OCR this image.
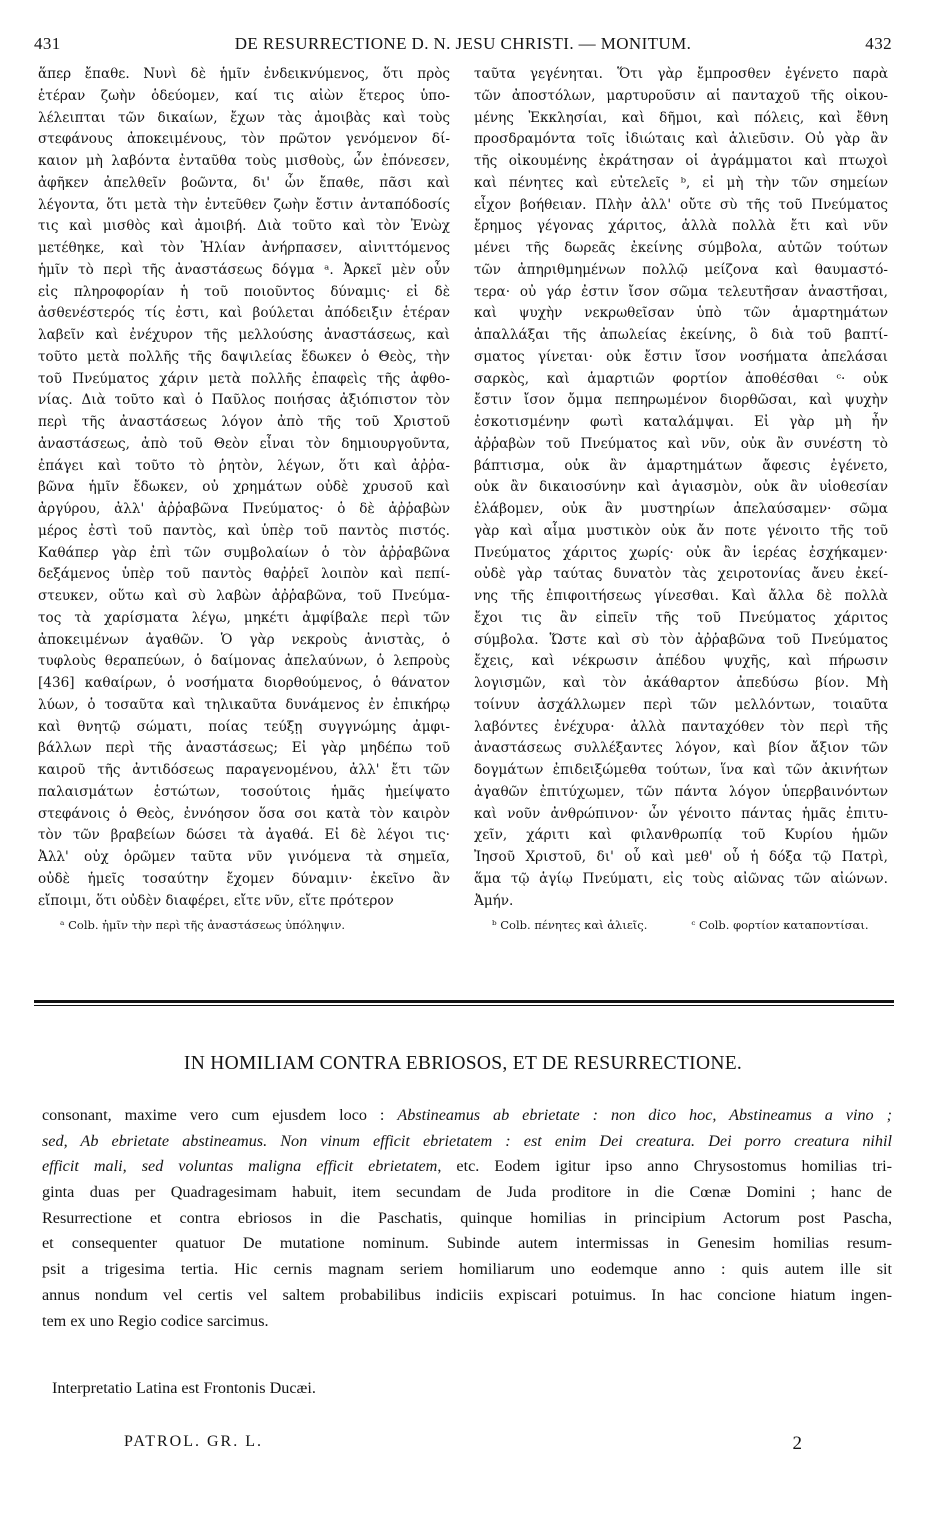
431	DE RESURRECTIONE D. N. JESU CHRISTI. — MONITUM.	432
ἅπερ ἔπαθε. Νυνὶ δὲ ἡμῖν ἐνδεικνύμενος, ὅτι πρὸς
ἑτέραν ζωὴν ὁδεύομεν, καί τις αἰὼν ἕτερος ὑπο-
λέλειπται τῶν δικαίων, ἔχων τὰς ἀμοιβὰς καὶ τοὺς
στεφάνους ἀποκειμένους, τὸν πρῶτον γενόμενον δί-
καιον μὴ λαβόντα ἐνταῦθα τοὺς μισθοὺς, ὧν ἐπόνεσεν,
ἀφῆκεν ἀπελθεῖν βοῶντα, δι' ὧν ἔπαθε, πᾶσι καὶ
λέγοντα, ὅτι μετὰ τὴν ἐντεῦθεν ζωὴν ἔστιν ἀνταπόδοσίς
τις καὶ μισθὸς καὶ ἀμοιβή. Διὰ τοῦτο καὶ τὸν Ἐνὼχ
μετέθηκε, καὶ τὸν Ἠλίαν ἀνήρπασεν, αἰνιττόμενος
ἡμῖν τὸ περὶ τῆς ἀναστάσεως δόγμα ᵃ. Ἀρκεῖ μὲν οὖν
εἰς πληροφορίαν ἡ τοῦ ποιοῦντος δύναμις· εἰ δὲ
ἀσθενέστερός τίς ἐστι, καὶ βούλεται ἀπόδειξιν ἑτέραν
λαβεῖν καὶ ἐνέχυρον τῆς μελλούσης ἀναστάσεως, καὶ
τοῦτο μετὰ πολλῆς τῆς δαψιλείας ἔδωκεν ὁ Θεὸς, τὴν
τοῦ Πνεύματος χάριν μετὰ πολλῆς ἐπαφεὶς τῆς ἀφθο-
νίας. Διὰ τοῦτο καὶ ὁ Παῦλος ποιήσας ἀξιόπιστον τὸν
περὶ τῆς ἀναστάσεως λόγον ἀπὸ τῆς τοῦ Χριστοῦ
ἀναστάσεως, ἀπὸ τοῦ Θεὸν εἶναι τὸν δημιουργοῦντα,
ἐπάγει καὶ τοῦτο τὸ ῥητὸν, λέγων, ὅτι καὶ ἀῤῥα-
βῶνα ἡμῖν ἔδωκεν, οὐ χρημάτων οὐδὲ χρυσοῦ καὶ
ἀργύρου, ἀλλ' ἀῤῥαβῶνα Πνεύματος· ὁ δὲ ἀῤῥαβὼν
μέρος ἐστὶ τοῦ παντὸς, καὶ ὑπὲρ τοῦ παντὸς πιστός.
Καθάπερ γὰρ ἐπὶ τῶν συμβολαίων ὁ τὸν ἀῤῥαβῶνα
δεξάμενος ὑπὲρ τοῦ παντὸς θαῤῥεῖ λοιπὸν καὶ πεπί-
στευκεν, οὕτω καὶ σὺ λαβὼν ἀῤῥαβῶνα, τοῦ Πνεύμα-
τος τὰ χαρίσματα λέγω, μηκέτι ἀμφίβαλε περὶ τῶν
ἀποκειμένων ἀγαθῶν. Ὁ γὰρ νεκροὺς ἀνιστὰς, ὁ
τυφλοὺς θεραπεύων, ὁ δαίμονας ἀπελαύνων, ὁ λεπροὺς
[436] καθαίρων, ὁ νοσήματα διορθούμενος, ὁ θάνατον
λύων, ὁ τοσαῦτα καὶ τηλικαῦτα δυνάμενος ἐν ἐπικήρῳ
καὶ θνητῷ σώματι, ποίας τεύξῃ συγγνώμης ἀμφι-
βάλλων περὶ τῆς ἀναστάσεως; Εἰ γὰρ μηδέπω τοῦ
καιροῦ τῆς ἀντιδόσεως παραγενομένου, ἀλλ' ἔτι τῶν
παλαισμάτων ἑστώτων, τοσούτοις ἡμᾶς ἠμείψατο
στεφάνοις ὁ Θεὸς, ἐννόησον ὅσα σοι κατὰ τὸν καιρὸν
τὸν τῶν βραβείων δώσει τὰ ἀγαθά. Εἰ δὲ λέγοι τις·
Ἀλλ' οὐχ ὁρῶμεν ταῦτα νῦν γινόμενα τὰ σημεῖα,
οὐδὲ ἡμεῖς τοσαύτην ἔχομεν δύναμιν· ἐκεῖνο ἂν
εἴποιμι, ὅτι οὐδὲν διαφέρει, εἴτε νῦν, εἴτε πρότερον
ᵃ Colb. ἡμῖν τὴν περὶ τῆς ἀναστάσεως ὑπόληψιν.
ταῦτα γεγένηται. Ὅτι γὰρ ἔμπροσθεν ἐγένετο παρὰ
τῶν ἀποστόλων, μαρτυροῦσιν αἱ πανταχοῦ τῆς οἰκου-
μένης Ἐκκλησίαι, καὶ δῆμοι, καὶ πόλεις, καὶ ἔθνη
προσδραμόντα τοῖς ἰδιώταις καὶ ἁλιεῦσιν. Οὐ γὰρ ἂν
τῆς οἰκουμένης ἐκράτησαν οἱ ἀγράμματοι καὶ πτωχοὶ
καὶ πένητες καὶ εὐτελεῖς ᵇ, εἰ μὴ τὴν τῶν σημείων
εἶχον βοήθειαν. Πλὴν ἀλλ' οὔτε σὺ τῆς τοῦ Πνεύματος
ἔρημος γέγονας χάριτος, ἀλλὰ πολλὰ ἔτι καὶ νῦν
μένει τῆς δωρεᾶς ἐκείνης σύμβολα, αὐτῶν τούτων
τῶν ἀπηριθμημένων πολλῷ μείζονα καὶ θαυμαστό-
τερα· οὐ γάρ ἐστιν ἴσον σῶμα τελευτῆσαν ἀναστῆσαι,
καὶ ψυχὴν νεκρωθεῖσαν ὑπὸ τῶν ἁμαρτημάτων
ἀπαλλάξαι τῆς ἀπωλείας ἐκείνης, ὃ διὰ τοῦ βαπτί-
σματος γίνεται· οὐκ ἔστιν ἴσον νοσήματα ἀπελάσαι
σαρκὸς, καὶ ἁμαρτιῶν φορτίον ἀποθέσθαι ᶜ· οὐκ
ἔστιν ἴσον ὄμμα πεπηρωμένον διορθῶσαι, καὶ ψυχὴν
ἐσκοτισμένην φωτὶ καταλάμψαι. Εἰ γὰρ μὴ ἦν
ἀῤῥαβὼν τοῦ Πνεύματος καὶ νῦν, οὐκ ἂν συνέστη τὸ
βάπτισμα, οὐκ ἂν ἁμαρτημάτων ἄφεσις ἐγένετο,
οὐκ ἂν δικαιοσύνην καὶ ἁγιασμὸν, οὐκ ἂν υἱοθεσίαν
ἐλάβομεν, οὐκ ἂν μυστηρίων ἀπελαύσαμεν· σῶμα
γὰρ καὶ αἷμα μυστικὸν οὐκ ἄν ποτε γένοιτο τῆς τοῦ
Πνεύματος χάριτος χωρίς· οὐκ ἂν ἱερέας ἐσχήκαμεν·
οὐδὲ γὰρ ταύτας δυνατὸν τὰς χειροτονίας ἄνευ ἐκεί-
νης τῆς ἐπιφοιτήσεως γίνεσθαι. Καὶ ἄλλα δὲ πολλὰ
ἔχοι τις ἂν εἰπεῖν τῆς τοῦ Πνεύματος χάριτος
σύμβολα. Ὥστε καὶ σὺ τὸν ἀῤῥαβῶνα τοῦ Πνεύματος
ἔχεις, καὶ νέκρωσιν ἀπέδου ψυχῆς, καὶ πήρωσιν
λογισμῶν, καὶ τὸν ἀκάθαρτον ἀπεδύσω βίον. Μὴ
τοίνυν ἀσχάλλωμεν περὶ τῶν μελλόντων, τοιαῦτα
λαβόντες ἐνέχυρα· ἀλλὰ πανταχόθεν τὸν περὶ τῆς
ἀναστάσεως συλλέξαντες λόγον, καὶ βίον ἄξιον τῶν
δογμάτων ἐπιδειξώμεθα τούτων, ἵνα καὶ τῶν ἀκινήτων
ἀγαθῶν ἐπιτύχωμεν, τῶν πάντα λόγον ὑπερβαινόντων
καὶ νοῦν ἀνθρώπινον· ὧν γένοιτο πάντας ἡμᾶς ἐπιτυ-
χεῖν, χάριτι καὶ φιλανθρωπίᾳ τοῦ Κυρίου ἡμῶν
Ἰησοῦ Χριστοῦ, δι' οὗ καὶ μεθ' οὗ ἡ δόξα τῷ Πατρὶ,
ἅμα τῷ ἁγίῳ Πνεύματι, εἰς τοὺς αἰῶνας τῶν αἰώνων.
Ἀμήν.
ᵇ Colb. πένητες καὶ ἁλιεῖς.	ᶜ Colb. φορτίον καταποντίσαι.
IN HOMILIAM CONTRA EBRIOSOS, ET DE RESURRECTIONE.
consonant, maxime vero cum ejusdem loco : Abstineamus ab ebrietate : non dico hoc, Abstineamus a vino ;
sed, Ab ebrietate abstineamus. Non vinum efficit ebrietatem : est enim Dei creatura. Dei porro creatura nihil
efficit mali, sed voluntas maligna efficit ebrietatem, etc. Eodem igitur ipso anno Chrysostomus homilias tri-
ginta duas per Quadragesimam habuit, item secundam de Juda proditore in die Cœnæ Domini ; hanc de
Resurrectione et contra ebriosos in die Paschatis, quinque homilias in principium Actorum post Pascha,
et consequenter quatuor De mutatione nominum. Subinde autem intermissas in Genesim homilias resum-
psit a trigesima tertia. Hic cernis magnam seriem homiliarum uno eodemque anno : quis autem ille sit
annus nondum vel certis vel saltem probabilibus indiciis expiscari potuimus. In hac concione hiatum ingen-
tem ex uno Regio codice sarcimus.
Interpretatio Latina est Frontonis Ducæi.
PATROL. GR. L.	2
